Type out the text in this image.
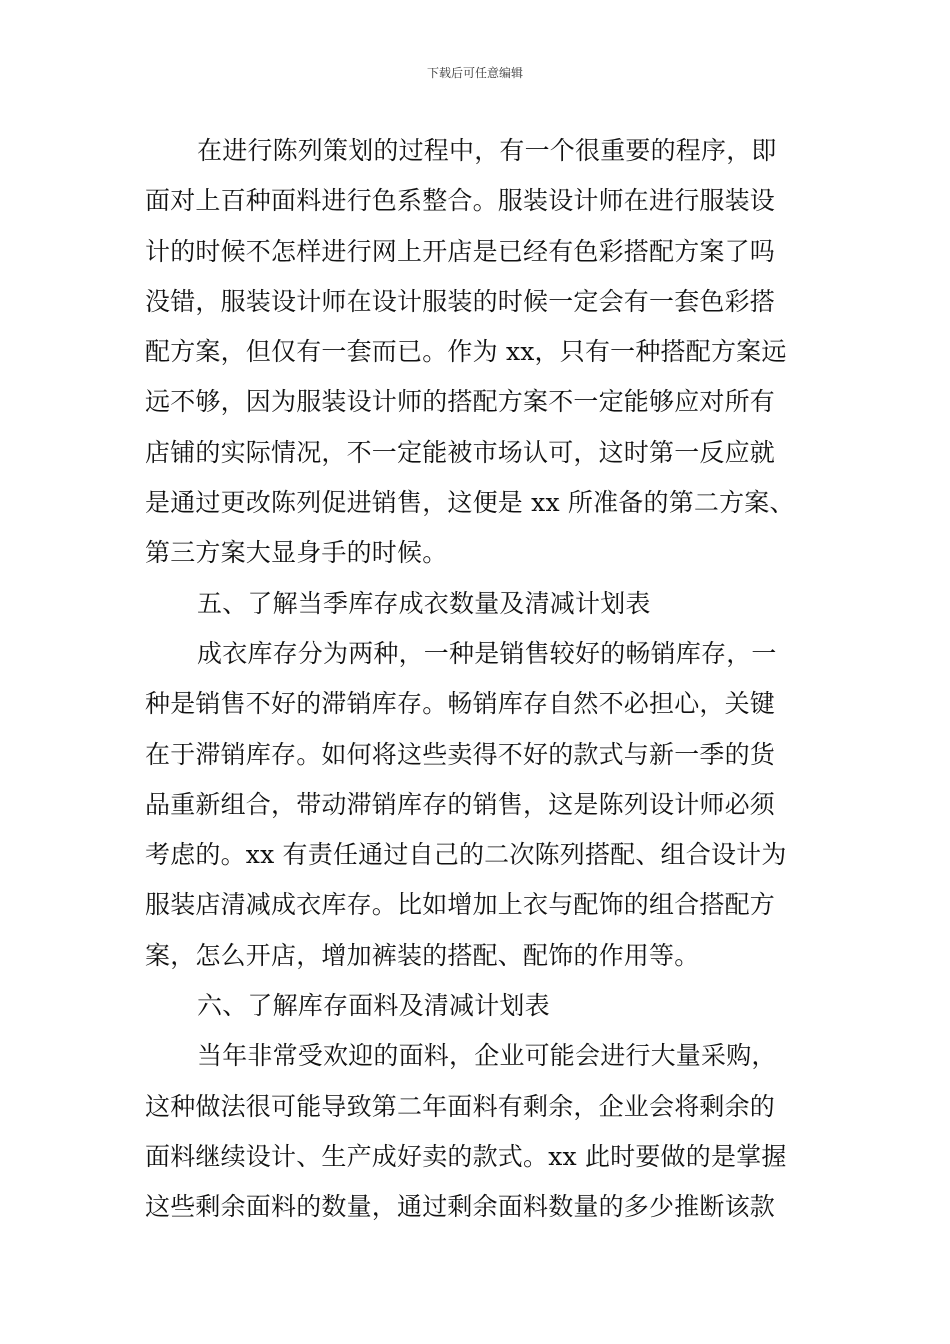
下载后可任意编辑
在进行陈列策划的过程中，有一个很重要的程序，即
面对上百种面料进行色系整合。服装设计师在进行服装设
计的时候不怎样进行网上开店是已经有色彩搭配方案了吗
没错，服装设计师在设计服装的时候一定会有一套色彩搭
配方案，但仅有一套而已。作为 xx，只有一种搭配方案远
远不够，因为服装设计师的搭配方案不一定能够应对所有
店铺的实际情况，不一定能被市场认可，这时第一反应就
是通过更改陈列促进销售，这便是 xx 所准备的第二方案、
第三方案大显身手的时候。
五、了解当季库存成衣数量及清减计划表
成衣库存分为两种，一种是销售较好的畅销库存，一
种是销售不好的滞销库存。畅销库存自然不必担心，关键
在于滞销库存。如何将这些卖得不好的款式与新一季的货
品重新组合，带动滞销库存的销售，这是陈列设计师必须
考虑的。xx 有责任通过自己的二次陈列搭配、组合设计为
服装店清减成衣库存。比如增加上衣与配饰的组合搭配方
案，怎么开店，增加裤装的搭配、配饰的作用等。
六、了解库存面料及清减计划表
当年非常受欢迎的面料，企业可能会进行大量采购，
这种做法很可能导致第二年面料有剩余，企业会将剩余的
面料继续设计、生产成好卖的款式。xx 此时要做的是掌握
这些剩余面料的数量，通过剩余面料数量的多少推断该款
